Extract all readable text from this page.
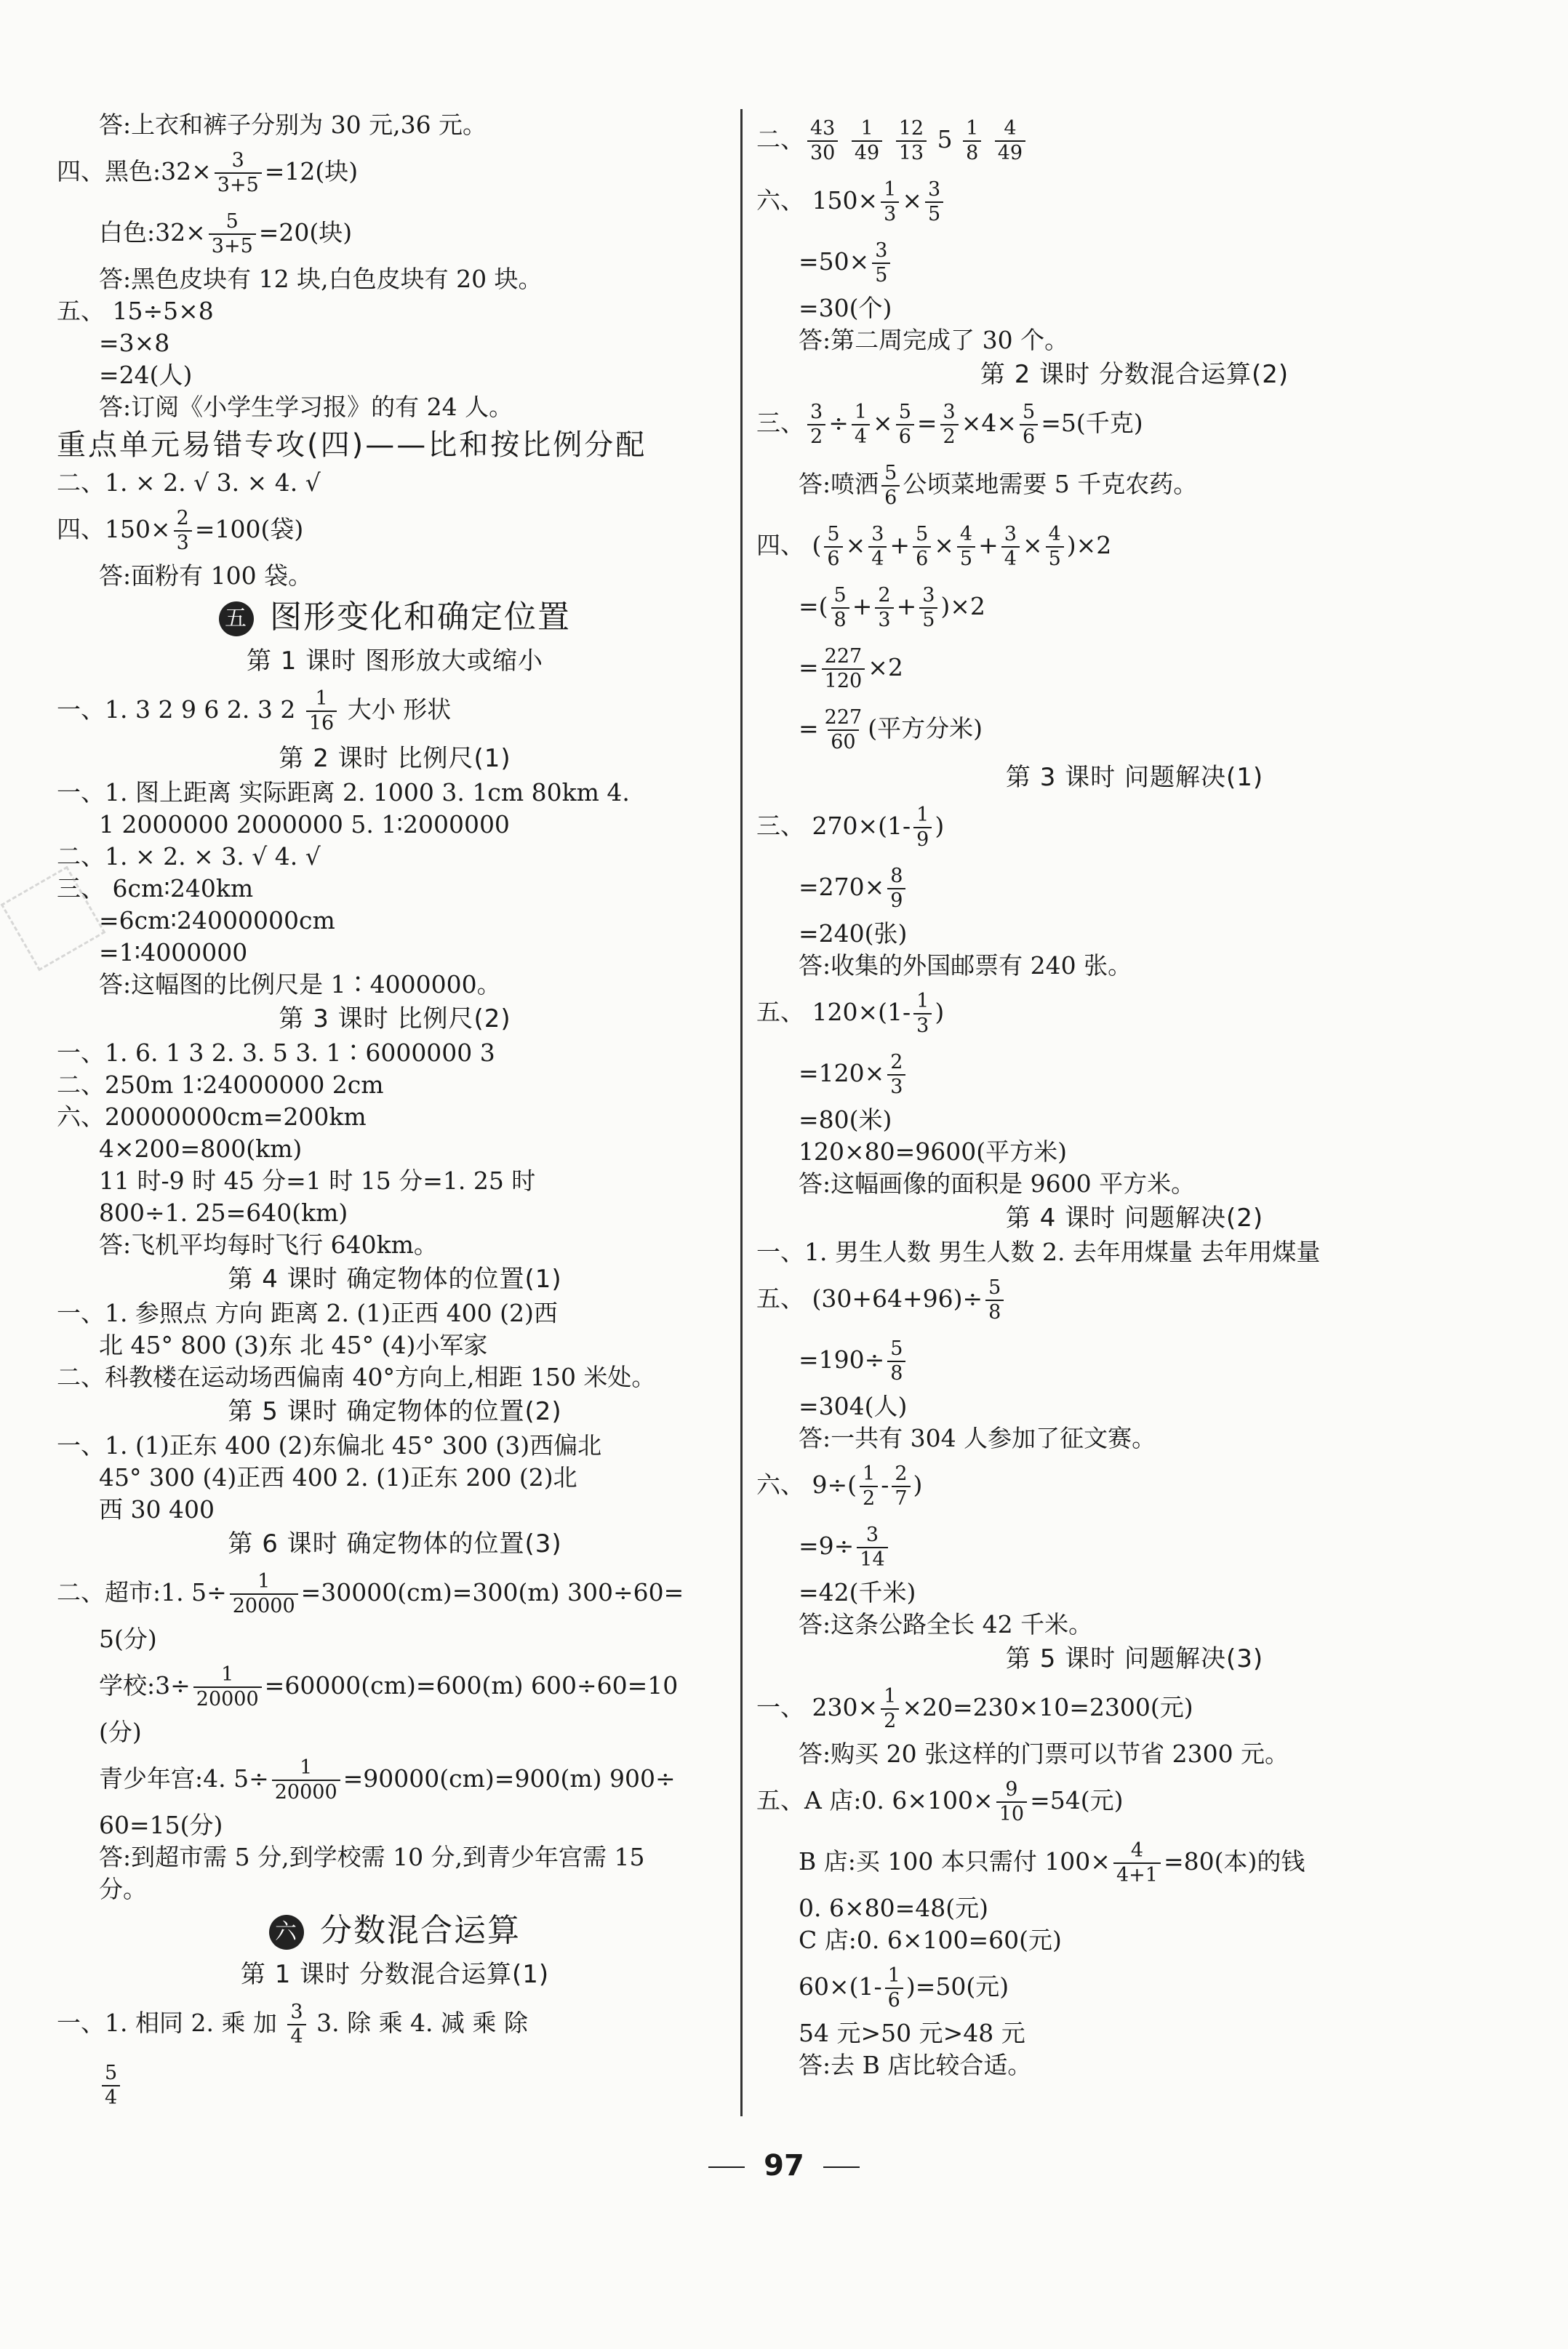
答:上衣和裤子分别为 30 元,36 元。
四、黑色:32× $\frac{3}{3+5} =12$(块)
白色:32× $\frac{5}{3+5} =20$(块)
答:黑色皮块有 12 块,白色皮块有 20 块。
五、 15÷5×8
=3×8
=24(人)
答:订阅《小学生学习报》的有 24 人。
重点单元易错专攻(四)——比和按比例分配
二、1. × 2. √ 3. × 4. √
四、$150\times \frac{2}{3} =100$(袋)
答:面粉有 100 袋。
五 图形变化和确定位置
第 1 课时 图形放大或缩小
一、1. 3 2 9 6 2. 3 $2 \frac{1}{16}$ 大小 形状
第 2 课时 比例尺(1)
一、1. 图上距离 实际距离 2. 1000 3. 1cm 80km 4.
1 2000000 2000000 5. 1∶2000000
二、1. × 2. × 3. √ 4. √
三、 6cm∶240km
=6cm∶24000000cm
=1∶4000000
答:这幅图的比例尺是 1∶4000000。
第 3 课时 比例尺(2)
一、1. 6. 1 3 2. 3. 5 3. 1∶6000000 3
二、250m 1∶24000000 2cm
六、20000000cm=200km
4×200=800(km)
11 时-9 时 45 分=1 时 15 分=1. 25 时
800÷1. 25=640(km)
答:飞机平均每时飞行 640km。
第 4 课时 确定物体的位置(1)
一、1. 参照点 方向 距离 2. (1)正西 400 (2)西
北 45° 800 (3)东 北 45° (4)小军家
二、科教楼在运动场西偏南 40°方向上,相距 150 米处。
第 5 课时 确定物体的位置(2)
一、1. (1)正东 400 (2)东偏北 45° 300 (3)西偏北
45° 300 (4)正西 400 2. (1)正东 200 (2)北
西 30 400
第 6 课时 确定物体的位置(3)
二、超市:1. $5\div \frac{1}{20000} =30000(cm)=300(m)$ 300÷60=
5(分)
学校:3÷ $\frac{1}{20000} =60000(cm)=600(m)$ 600÷60=10
(分)
青少年宫:4. $5\div \frac{1}{20000} =90000(cm)=900(m)$ 900÷
60=15(分)
答:到超市需 5 分,到学校需 10 分,到青少年宫需 15
分。
六 分数混合运算
第 1 课时 分数混合运算(1)
一、1. 相同 2. 乘 加 $\frac{3}{4} 3$. 除 乘 4. 减 乘 除
$\frac{5}{4}$
二、 $\frac{43}{30}$
$\frac{1}{49}$
$\frac{12}{13} 5 \frac{1}{8}$
$\frac{4}{49}$
六、 $150\times \frac{1}{3} \times \frac{3}{5}$
$=50\times \frac{3}{5}$
=30(个)
答:第二周完成了 30 个。
第 2 课时 分数混合运算(2)
三、 $\frac{3}{2} \div \frac{1}{4} \times \frac{5}{6} = \frac{3}{2} \times 4\times \frac{5}{6} =5$(千克)
答:喷洒 $\frac{5}{6}$ 公顷菜地需要 5 千克农药。
四、 ( $\frac{5}{6} \times \frac{3}{4} + \frac{5}{6} \times \frac{4}{5} + \frac{3}{4} \times \frac{4}{5} )\times 2$
=( $\frac{5}{8} + \frac{2}{3} + \frac{3}{5} )\times 2$
= $\frac{227}{120} \times 2$
= $\frac{227}{60}$ (平方分米)
第 3 课时 问题解决(1)
三、 $270\times(1- \frac{1}{9}$ )
$=270\times \frac{8}{9}$
=240(张)
答:收集的外国邮票有 240 张。
五、 $120\times(1- \frac{1}{3}$ )
$=120\times \frac{2}{3}$
=80(米)
120×80=9600(平方米)
答:这幅画像的面积是 9600 平方米。
第 4 课时 问题解决(2)
一、1. 男生人数 男生人数 2. 去年用煤量 去年用煤量
五、 $(30+64+96)\div \frac{5}{8}$
$=190\div \frac{5}{8}$
=304(人)
答:一共有 304 人参加了征文赛。
六、 $9\div( \frac{1}{2} - \frac{2}{7}$ )
$=9\div \frac{3}{14}$
=42(千米)
答:这条公路全长 42 千米。
第 5 课时 问题解决(3)
一、 $230\times \frac{1}{2} \times 20=230\times 10=2300$(元)
答:购买 20 张这样的门票可以节省 2300 元。
五、A 店:0. $6\times 100\times \frac{9}{10} =54$(元)
B 店:买 100 本只需付 $100\times \frac{4}{4+1} =80$(本)的钱
0. 6×80=48(元)
C 店:0. 6×100=60(元)
$60\times(1- \frac{1}{6} )=50$(元)
54 元>50 元>48 元
答:去 B 店比较合适。
97
